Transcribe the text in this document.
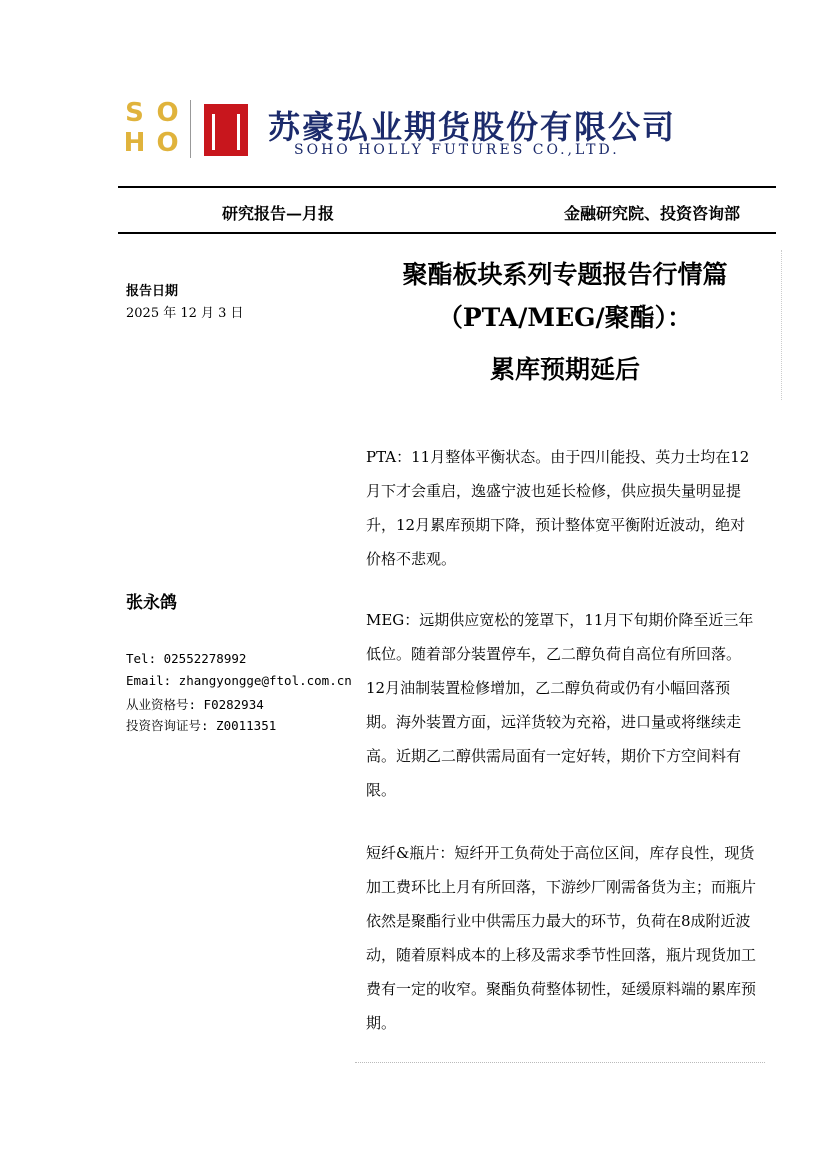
S O
H O	苏豪弘业期货股份有限公司
SOHO HOLLY FUTURES CO.,LTD.
研究报告—月报	金融研究院、投资咨询部
报告日期
2025 年 12 月 3 日
张永鸽
Tel: 02552278992
Email: zhangyongge@ftol.com.cn
从业资格号: F0282934
投资咨询证号: Z0011351
聚酯板块系列专题报告行情篇
（PTA/MEG/聚酯）：
累库预期延后
PTA：11月整体平衡状态。由于四川能投、英力士均在12月下才会重启，逸盛宁波也延长检修，供应损失量明显提升，12月累库预期下降，预计整体宽平衡附近波动，绝对价格不悲观。
MEG：远期供应宽松的笼罩下，11月下旬期价降至近三年低位。随着部分装置停车，乙二醇负荷自高位有所回落。12月油制装置检修增加，乙二醇负荷或仍有小幅回落预期。海外装置方面，远洋货较为充裕，进口量或将继续走高。近期乙二醇供需局面有一定好转，期价下方空间料有限。
短纤&瓶片：短纤开工负荷处于高位区间，库存良性，现货加工费环比上月有所回落，下游纱厂刚需备货为主；而瓶片依然是聚酯行业中供需压力最大的环节，负荷在8成附近波动，随着原料成本的上移及需求季节性回落，瓶片现货加工费有一定的收窄。聚酯负荷整体韧性，延缓原料端的累库预期。
